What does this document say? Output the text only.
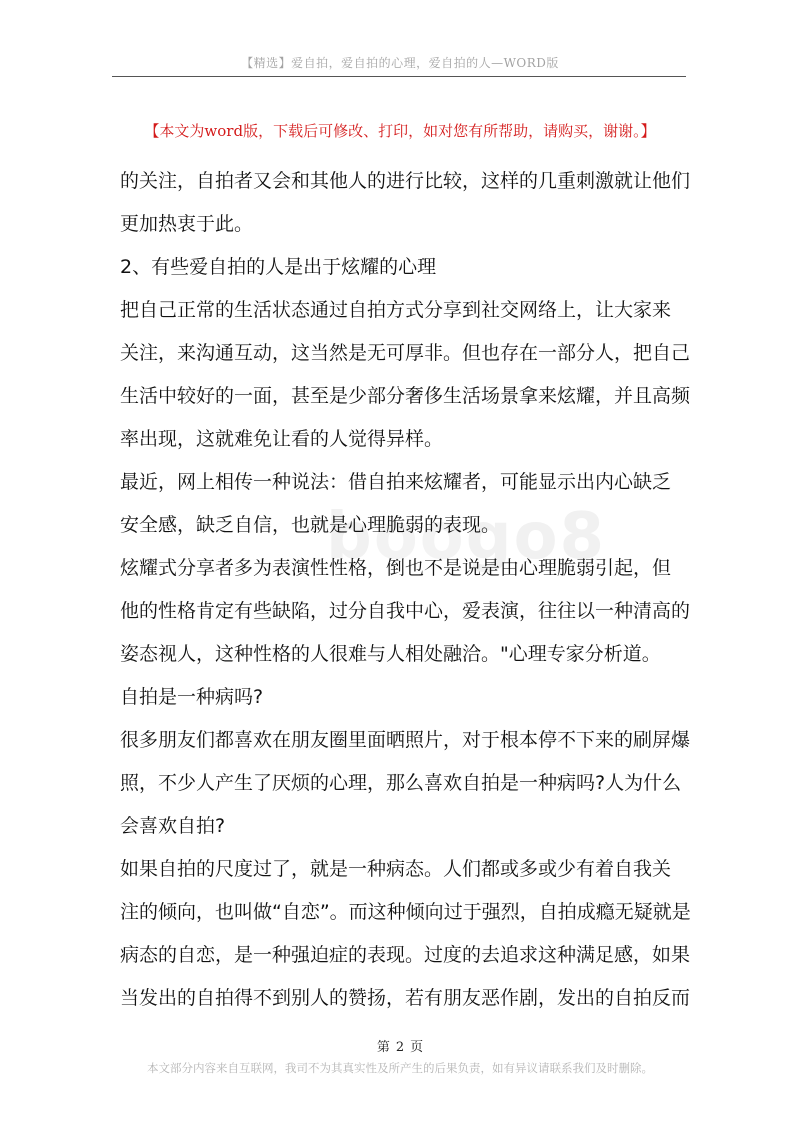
【精选】爱自拍，爱自拍的心理，爱自拍的人—WORD版
【本文为word版，下载后可修改、打印，如对您有所帮助，请购买，谢谢。】
boogo8
的关注，自拍者又会和其他人的进行比较，这样的几重刺激就让他们
更加热衷于此。
2、有些爱自拍的人是出于炫耀的心理
把自己正常的生活状态通过自拍方式分享到社交网络上，让大家来
关注，来沟通互动，这当然是无可厚非。但也存在一部分人，把自己
生活中较好的一面，甚至是少部分奢侈生活场景拿来炫耀，并且高频
率出现，这就难免让看的人觉得异样。
最近，网上相传一种说法：借自拍来炫耀者，可能显示出内心缺乏
安全感，缺乏自信，也就是心理脆弱的表现。
炫耀式分享者多为表演性性格，倒也不是说是由心理脆弱引起，但
他的性格肯定有些缺陷，过分自我中心，爱表演，往往以一种清高的
姿态视人，这种性格的人很难与人相处融洽。"心理专家分析道。
自拍是一种病吗?
很多朋友们都喜欢在朋友圈里面晒照片，对于根本停不下来的刷屏爆
照，不少人产生了厌烦的心理，那么喜欢自拍是一种病吗?人为什么
会喜欢自拍?
如果自拍的尺度过了，就是一种病态。人们都或多或少有着自我关
注的倾向，也叫做“自恋”。而这种倾向过于强烈，自拍成瘾无疑就是
病态的自恋，是一种强迫症的表现。过度的去追求这种满足感，如果
当发出的自拍得不到别人的赞扬，若有朋友恶作剧，发出的自拍反而
第 2 页
本文部分内容来自互联网，我司不为其真实性及所产生的后果负责，如有异议请联系我们及时删除。
